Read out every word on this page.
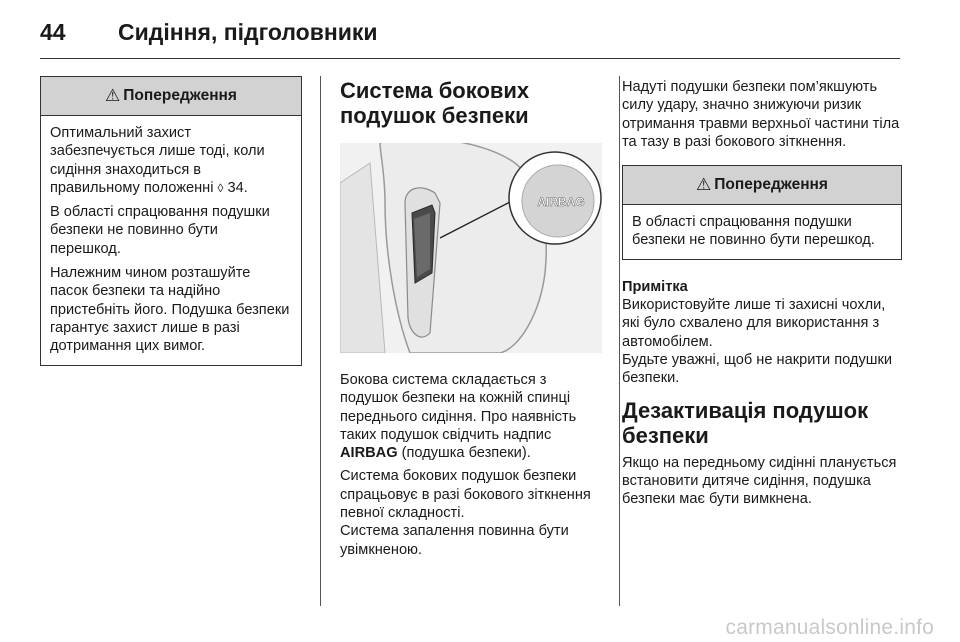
44	Сидіння, підголовники
⚠ Попередження

Оптимальний захист забезпечується лише тоді, коли сидіння знаходиться в правильному положенні ◊ 34.

В області спрацювання подушки безпеки не повинно бути перешкод.

Належним чином розташуйте пасок безпеки та надійно пристебніть його. Подушка безпеки гарантує захист лише в разі дотримання цих вимог.

Система бокових подушок безпеки
AIRBAG

Бокова система складається з подушок безпеки на кожній спинці переднього сидіння. Про наявність таких подушок свідчить надпис
AIRBAG (подушка безпеки).

Система бокових подушок безпеки спрацьовує в разі бокового зіткнення певної складності.

Система запалення повинна бути увімкненою.

Надуті подушки безпеки пом’якшують силу удару, значно знижуючи ризик отримання травми верхньої частини тіла та тазу в разі бокового зіткнення.

⚠ Попередження

В області спрацювання подушки безпеки не повинно бути перешкод.

Примітка

Використовуйте лише ті захисні чохли, які було схвалено для використання з автомобілем.

Будьте уважні, щоб не накрити подушки безпеки.

Дезактивація подушок безпеки

Якщо на передньому сидінні планується встановити дитяче сидіння, подушка безпеки має бути вимкнена.

carmanualsonline.info
